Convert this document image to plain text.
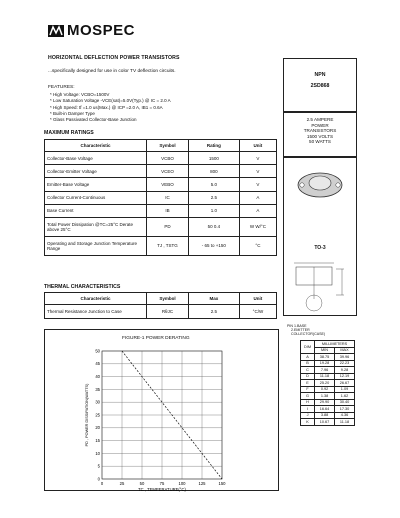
MOSPEC
HORIZONTAL DEFLECTION POWER TRANSISTORS
...specifically designed for use in color TV deflection circuits.
FEATURES:
* High Voltage: VCBO=1500V
* Low Saturation Voltage -VCE(sat)=5.0V(Typ.) @ IC = 2.0 A
* High Speed: tf =1.0 us(Max.) @ ICP =2.0 A, IB1 = 0.6A
* Built-in Damper Type
* Glass Passivated Collector-Base Junction
NPN
2SD868
2.5 AMPERE
POWER
TRANSISTORS
1500 VOLTS
50 WATTS
TO-3
MAXIMUM RATINGS
Characteristic	Symbol	Rating	Unit
Collector-Base Voltage	VCBO	1500	V
Collector-Emitter Voltage	VCEO	800	V
Emitter-Base Voltage	VEBO	5.0	V
Collector Current-Continuous	IC	2.5	A
Base Current	IB	1.0	A
Total Power Dissipation @TC=25°C Derate above 25°C	PD	50 0.4	W W/°C
Operating and Storage Junction Temperature Range	TJ , TSTG	- 65 to +150	°C
THERMAL CHARACTERISTICS
Characteristic	Symbol	Max	Unit
Thermal Resistance Junction to Case	RθJC	2.5	°C/W
PIN 1.BASE
2.EMITTER
COLLECTOR(CASE)
DIM	MILLIMETERS	
	MIN	MAX
A	38.75	39.96
B	19.28	22.23
C	7.96	9.28
D	11.18	12.19
E	25.20	26.67
F	0.92	1.09
G	1.38	1.62
H	29.90	30.40
I	16.64	17.30
J	3.88	4.36
K	10.67	11.18
FIGURE-1 POWER DERATING
0	25	50	75	100	125	150
0
5
10
15
20
25
30
35
40
45
50
TC , TEMPERATURE(°C)
PD , POWER DISSIPATION(WATTS)
